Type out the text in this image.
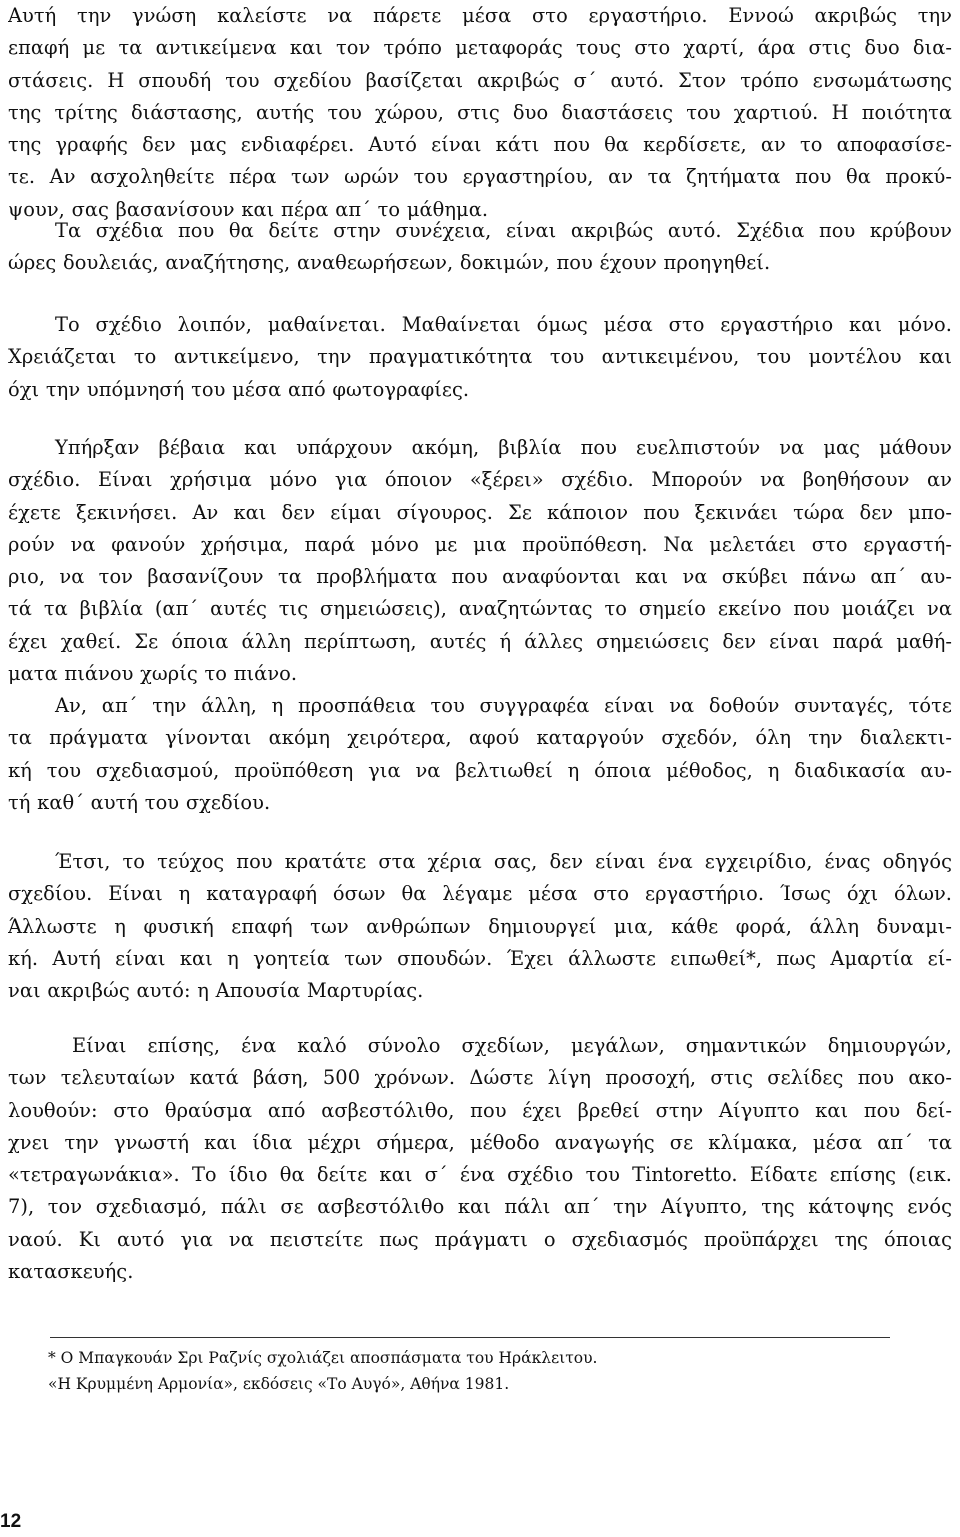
Αυτή την γνώση καλείστε να πάρετε μέσα στο εργαστήριο. Εννοώ ακριβώς την
επαφή με τα αντικείμενα και τον τρόπο μεταφοράς τους στο χαρτί, άρα στις δυο δια-
στάσεις. Η σπουδή του σχεδίου βασίζεται ακριβώς σ΄ αυτό. Στον τρόπο ενσωμάτωσης
της τρίτης διάστασης, αυτής του χώρου, στις δυο διαστάσεις του χαρτιού. Η ποιότητα
της γραφής δεν μας ενδιαφέρει. Αυτό είναι κάτι που θα κερδίσετε, αν το αποφασίσε-
τε. Αν ασχοληθείτε πέρα των ωρών του εργαστηρίου, αν τα ζητήματα που θα προκύ-
ψουν, σας βασανίσουν και πέρα απ΄ το μάθημα.
Τα σχέδια που θα δείτε στην συνέχεια, είναι ακριβώς αυτό. Σχέδια που κρύβουν
ώρες δουλειάς, αναζήτησης, αναθεωρήσεων, δοκιμών, που έχουν προηγηθεί.
Το σχέδιο λοιπόν, μαθαίνεται. Μαθαίνεται όμως μέσα στο εργαστήριο και μόνο.
Χρειάζεται το αντικείμενο, την πραγματικότητα του αντικειμένου, του μοντέλου και
όχι την υπόμνησή του μέσα από φωτογραφίες.
Υπήρξαν βέβαια και υπάρχουν ακόμη, βιβλία που ευελπιστούν να μας μάθουν
σχέδιο. Είναι χρήσιμα μόνο για όποιον «ξέρει» σχέδιο. Μπορούν να βοηθήσουν αν
έχετε ξεκινήσει. Αν και δεν είμαι σίγουρος. Σε κάποιον που ξεκινάει τώρα δεν μπο-
ρούν να φανούν χρήσιμα, παρά μόνο με μια προϋπόθεση. Να μελετάει στο εργαστή-
ριο, να τον βασανίζουν τα προβλήματα που αναφύονται και να σκύβει πάνω απ΄ αυ-
τά τα βιβλία (απ΄ αυτές τις σημειώσεις), αναζητώντας το σημείο εκείνο που μοιάζει να
έχει χαθεί. Σε όποια άλλη περίπτωση, αυτές ή άλλες σημειώσεις δεν είναι παρά μαθή-
ματα πιάνου χωρίς το πιάνο.
Αν, απ΄ την άλλη, η προσπάθεια του συγγραφέα είναι να δοθούν συνταγές, τότε
τα πράγματα γίνονται ακόμη χειρότερα, αφού καταργούν σχεδόν, όλη την διαλεκτι-
κή του σχεδιασμού, προϋπόθεση για να βελτιωθεί η όποια μέθοδος, η διαδικασία αυ-
τή καθ΄ αυτή του σχεδίου.
Έτσι, το τεύχος που κρατάτε στα χέρια σας, δεν είναι ένα εγχειρίδιο, ένας οδηγός
σχεδίου. Είναι η καταγραφή όσων θα λέγαμε μέσα στο εργαστήριο. Ίσως όχι όλων.
Άλλωστε η φυσική επαφή των ανθρώπων δημιουργεί μια, κάθε φορά, άλλη δυναμι-
κή. Αυτή είναι και η γοητεία των σπουδών. Έχει άλλωστε ειπωθεί*, πως Αμαρτία εί-
ναι ακριβώς αυτό: η Απουσία Μαρτυρίας.
Είναι επίσης, ένα καλό σύνολο σχεδίων, μεγάλων, σημαντικών δημιουργών,
των τελευταίων κατά βάση, 500 χρόνων. Δώστε λίγη προσοχή, στις σελίδες που ακο-
λουθούν: στο θραύσμα από ασβεστόλιθο, που έχει βρεθεί στην Αίγυπτο και που δεί-
χνει την γνωστή και ίδια μέχρι σήμερα, μέθοδο αναγωγής σε κλίμακα, μέσα απ΄ τα
«τετραγωνάκια». Το ίδιο θα δείτε και σ΄ ένα σχέδιο του Tintoretto. Είδατε επίσης (εικ.
7), τον σχεδιασμό, πάλι σε ασβεστόλιθο και πάλι απ΄ την Αίγυπτο, της κάτοψης ενός
ναού. Κι αυτό για να πειστείτε πως πράγματι ο σχεδιασμός προϋπάρχει της όποιας
κατασκευής.
* Ο Μπαγκουάν Σρι Ραζνίς σχολιάζει αποσπάσματα του Ηράκλειτου.
«Η Κρυμμένη Αρμονία», εκδόσεις «Το Αυγό», Αθήνα 1981.
12
